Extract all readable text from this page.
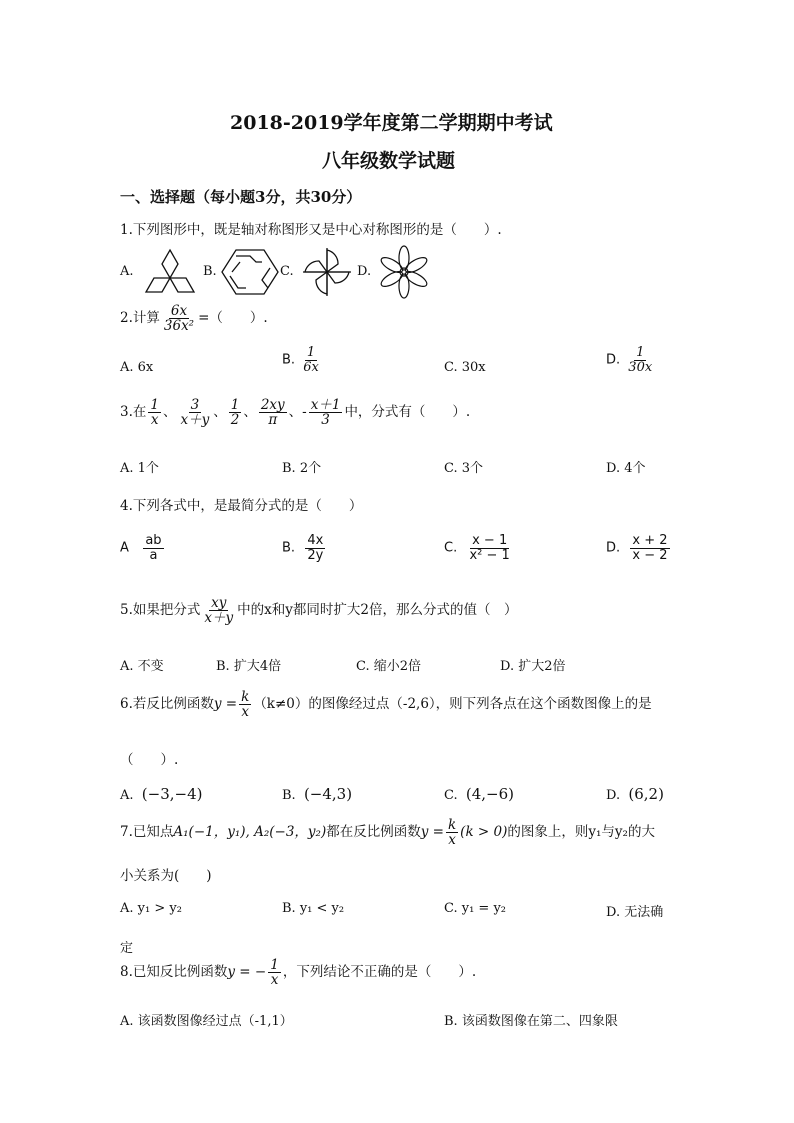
2018-2019学年度第二学期期中考试
八年级数学试题
一、选择题（每小题3分，共30分）
1.下列图形中，既是轴对称图形又是中心对称图形的是（　　）.
A.	B.	C.	D.
2.计算 $\frac{6x}{\text{36x²}}$ =（　　）.
A. 6x	B. $\frac{1}{6x}$	C. 30x	D. $\frac{1}{30x}$
3.在 $\frac{1}{x}$ 、 $\frac{3}{x+y}$ 、 $\frac{1}{2}$ 、 $\frac{2xy}{\pi}$ 、- $\frac{x+1}{3}$ 中，分式有（　　）.
A. 1个	B. 2个	C. 3个	D. 4个
4.下列各式中，是最简分式的是（　　）
A $\frac{ab}{a}$	B. $\frac{4x}{2y}$	C. $\frac{x - 1}{\text{x² − 1}}$	D. $\frac{x + 2}{x - 2}$
5.如果把分式 $\frac{xy}{x+y}$ 中的x和y都同时扩大2倍，那么分式的值（　）
A. 不变	B. 扩大4倍	C. 缩小2倍	D. 扩大2倍
6.若反比例函数$y = \frac{k}{x} (k\ne 0)$的图像经过点（-2,6），则下列各点在这个函数图像上的是
（　　）.
A. (−3,−4)	B. (−4,3)	C. (4,−6)	D. (6,2)
7.已知点A₁(−1，y₁), A₂(−3，y₂)都在反比例函数$y = \frac{k}{x} (k > 0)$的图象上，则y₁与y₂的大
小关系为(　　)
A. y₁ > y₂	B. y₁ < y₂	C. y₁ = y₂	D. 无法确
定
8.已知反比例函数y = − $\frac{1}{x}$ ，下列结论不正确的是（　　）.
A. 该函数图像经过点（-1,1）	B. 该函数图像在第二、四象限
